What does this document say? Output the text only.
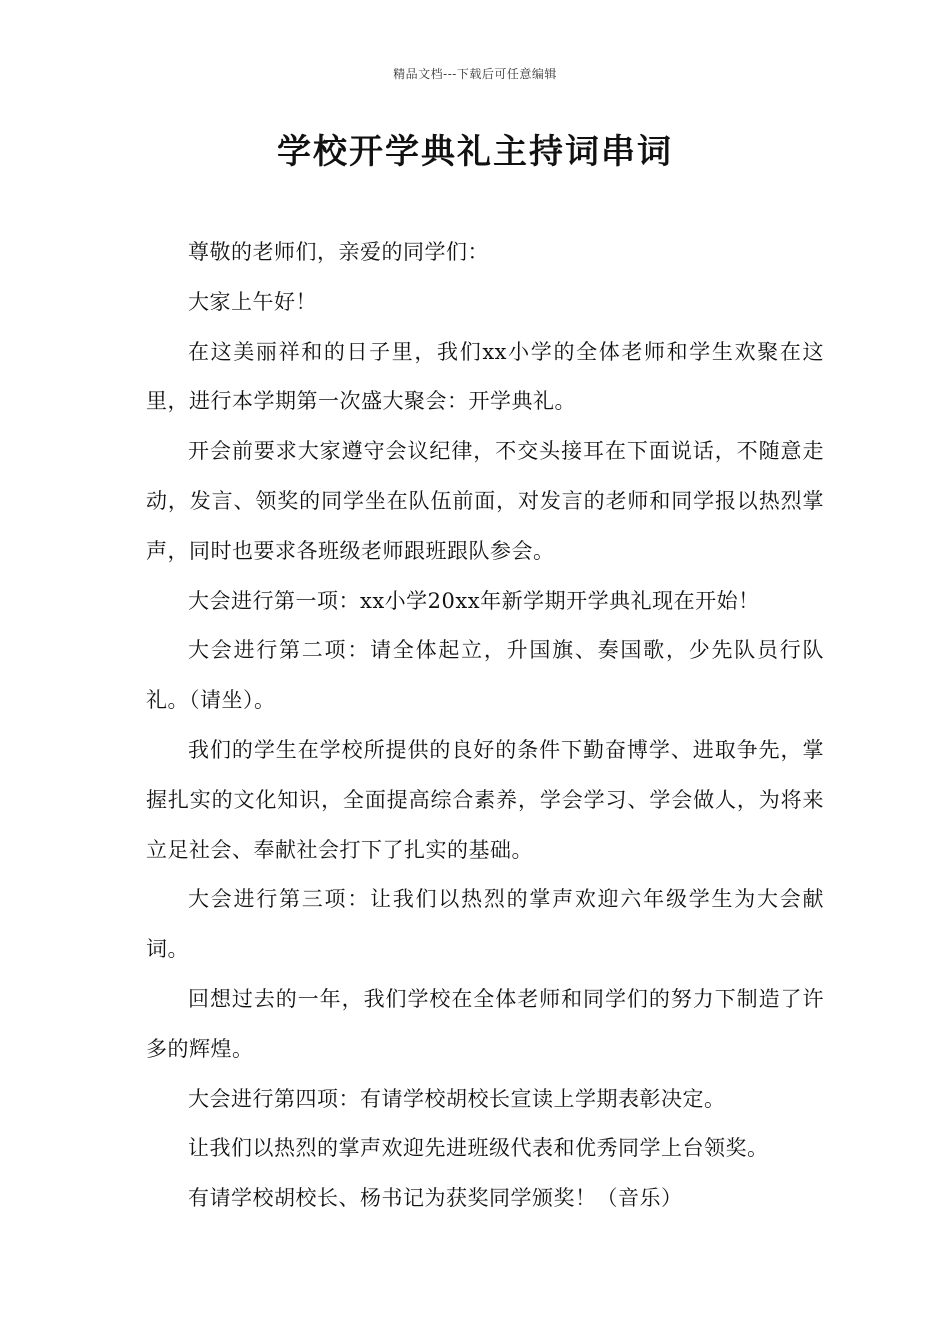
精品文档---下载后可任意编辑
学校开学典礼主持词串词

尊敬的老师们，亲爱的同学们：

大家上午好！

在这美丽祥和的日子里，我们xx小学的全体老师和学生欢聚在这里，进行本学期第一次盛大聚会：开学典礼。

开会前要求大家遵守会议纪律，不交头接耳在下面说话，不随意走动，发言、领奖的同学坐在队伍前面，对发言的老师和同学报以热烈掌声，同时也要求各班级老师跟班跟队参会。

大会进行第一项：xx小学20xx年新学期开学典礼现在开始！

大会进行第二项：请全体起立，升国旗、奏国歌，少先队员行队礼。（请坐）。

我们的学生在学校所提供的良好的条件下勤奋博学、进取争先，掌握扎实的文化知识，全面提高综合素养，学会学习、学会做人，为将来立足社会、奉献社会打下了扎实的基础。

大会进行第三项：让我们以热烈的掌声欢迎六年级学生为大会献词。

回想过去的一年，我们学校在全体老师和同学们的努力下制造了许多的辉煌。

大会进行第四项：有请学校胡校长宣读上学期表彰决定。

让我们以热烈的掌声欢迎先进班级代表和优秀同学上台领奖。

有请学校胡校长、杨书记为获奖同学颁奖！（音乐）
